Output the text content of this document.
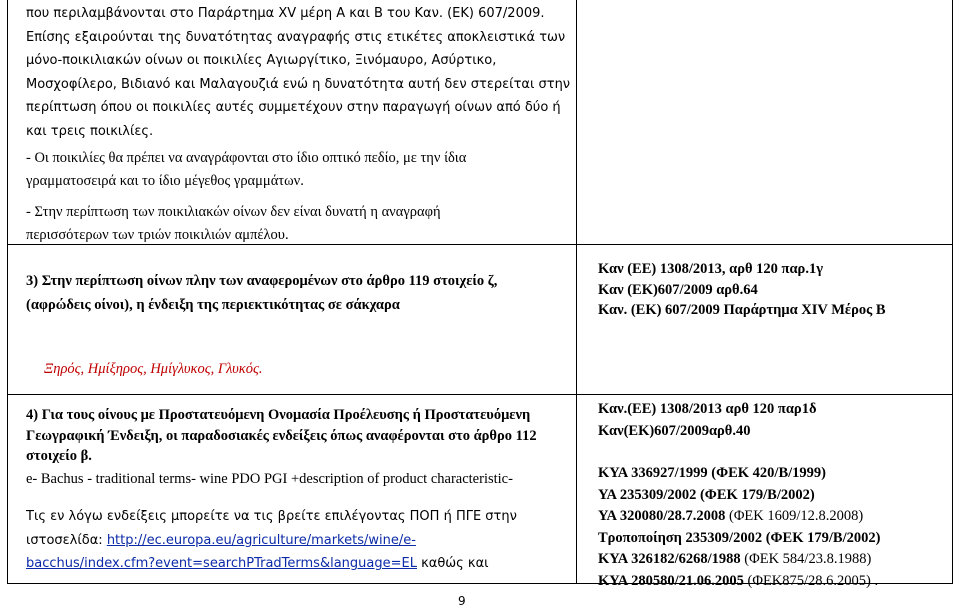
που περιλαμβάνονται στο Παράρτημα XV μέρη Α και Β του Καν. (ΕΚ) 607/2009.
Επίσης εξαιρούνται της δυνατότητας αναγραφής στις ετικέτες αποκλειστικά των
μόνο-ποικιλιακών οίνων οι ποικιλίες Αγιωργίτικο, Ξινόμαυρο, Ασύρτικο,
Μοσχοφίλερο, Βιδιανό και Μαλαγουζιά ενώ η δυνατότητα αυτή δεν στερείται στην
περίπτωση όπου οι ποικιλίες αυτές συμμετέχουν στην παραγωγή οίνων από δύο ή
και τρεις ποικιλίες.
- Οι ποικιλίες θα πρέπει να αναγράφονται στο ίδιο οπτικό πεδίο, με την ίδια
γραμματοσειρά και το ίδιο μέγεθος γραμμάτων.
- Στην περίπτωση των ποικιλιακών οίνων δεν είναι δυνατή η αναγραφή
περισσότερων των τριών ποικιλιών αμπέλου.
3) Στην περίπτωση οίνων πλην των αναφερομένων στο άρθρο 119 στοιχείο ζ,
(αφρώδεις οίνοι), η ένδειξη της περιεκτικότητας σε σάκχαρα
Καν (ΕΕ) 1308/2013, αρθ 120 παρ.1γ
Καν (ΕΚ)607/2009 αρθ.64
Καν. (ΕΚ) 607/2009 Παράρτημα XIV Μέρος Β
Ξηρός, Ημίξηρος, Ημίγλυκος, Γλυκός.
4) Για τους οίνους με Προστατευόμενη Ονομασία Προέλευσης ή Προστατευόμενη
Γεωγραφική Ένδειξη, οι παραδοσιακές ενδείξεις όπως αναφέρονται στο άρθρο 112
στοιχείο β.
e- Bachus - traditional terms- wine PDO PGI +description of product characteristic-
Τις εν λόγω ενδείξεις μπορείτε να τις βρείτε επιλέγοντας ΠΟΠ ή ΠΓΕ στην
ιστοσελίδα: http://ec.europa.eu/agriculture/markets/wine/e-
bacchus/index.cfm?event=searchPTradTerms&language=EL καθώς και
Καν.(ΕΕ) 1308/2013 αρθ 120 παρ1δ
Καν(ΕΚ)607/2009αρθ.40
ΚΥΑ 336927/1999 (ΦΕΚ 420/Β/1999)
ΥΑ 235309/2002 (ΦΕΚ 179/Β/2002)
ΥΑ 320080/28.7.2008 (ΦΕΚ 1609/12.8.2008)
Τροποποίηση 235309/2002 (ΦΕΚ 179/Β/2002)
ΚΥΑ 326182/6268/1988 (ΦΕΚ 584/23.8.1988)
ΚΥΑ 280580/21.06.2005 (ΦΕΚ875/28.6.2005) .
9
